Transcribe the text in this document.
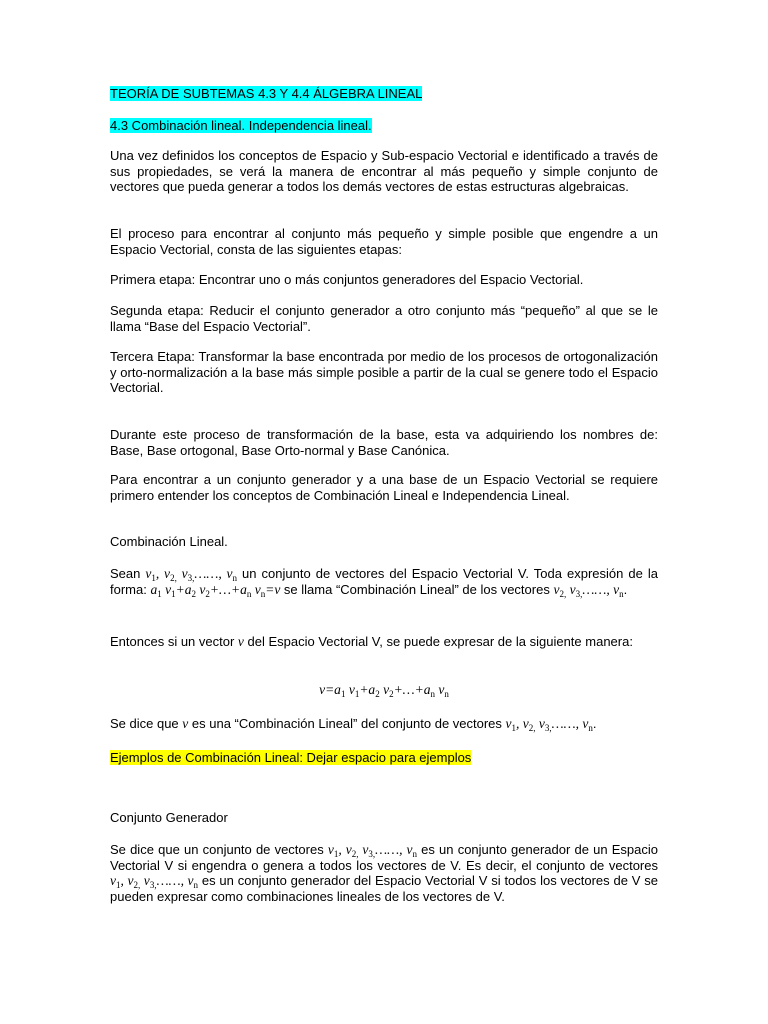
TEORÍA DE SUBTEMAS 4.3 Y 4.4 ÁLGEBRA LINEAL
4.3 Combinación lineal. Independencia lineal.
Una vez definidos los conceptos de Espacio y Sub-espacio Vectorial e identificado a través de sus propiedades, se verá la manera de encontrar al más pequeño y simple conjunto de vectores que pueda generar a todos los demás vectores de estas estructuras algebraicas.
El proceso para encontrar al conjunto más pequeño y simple posible que engendre a un Espacio Vectorial, consta de las siguientes etapas:
Primera etapa: Encontrar uno o más conjuntos generadores del Espacio Vectorial.
Segunda etapa: Reducir el conjunto generador a otro conjunto más “pequeño” al que se le llama “Base del Espacio Vectorial”.
Tercera Etapa: Transformar la base encontrada por medio de los procesos de ortogonalización y orto-normalización a la base más simple posible a partir de la cual se genere todo el Espacio Vectorial.
Durante este proceso de transformación de la base, esta va adquiriendo los nombres de: Base, Base ortogonal, Base Orto-normal y Base Canónica.
Para encontrar a un conjunto generador y a una base de un Espacio Vectorial se requiere primero entender los conceptos de Combinación Lineal e Independencia Lineal.
Combinación Lineal.
Sean $v_1$, $v_{2,}$ $v_{3,}\dots\dots$, $v_n$ un conjunto de vectores del Espacio Vectorial V. Toda expresión de la forma: $a_1$ $v_1+a_2$ $v_2+\dots+a_n$ $v_n=v$ se llama “Combinación Lineal” de los vectores $v_{2,}$ $v_{3,}\dots\dots$, $v_n$.
Entonces si un vector v del Espacio Vectorial V, se puede expresar de la siguiente manera:
$v=a_1$ $v_1+a_2$ $v_2+\dots+a_n$ $v_n$
Se dice que v es una “Combinación Lineal” del conjunto de vectores $v_1$, $v_{2,}$ $v_{3,}\dots\dots$, $v_n$.
Ejemplos de Combinación Lineal: Dejar espacio para ejemplos
Conjunto Generador
Se dice que un conjunto de vectores $v_1$, $v_{2,}$ $v_{3,}\dots\dots$, $v_n$ es un conjunto generador de un Espacio Vectorial V si engendra o genera a todos los vectores de V. Es decir, el conjunto de vectores $v_1$, $v_{2,}$ $v_{3,}\dots\dots$, $v_n$ es un conjunto generador del Espacio Vectorial V si todos los vectores de V se pueden expresar como combinaciones lineales de los vectores de V.
